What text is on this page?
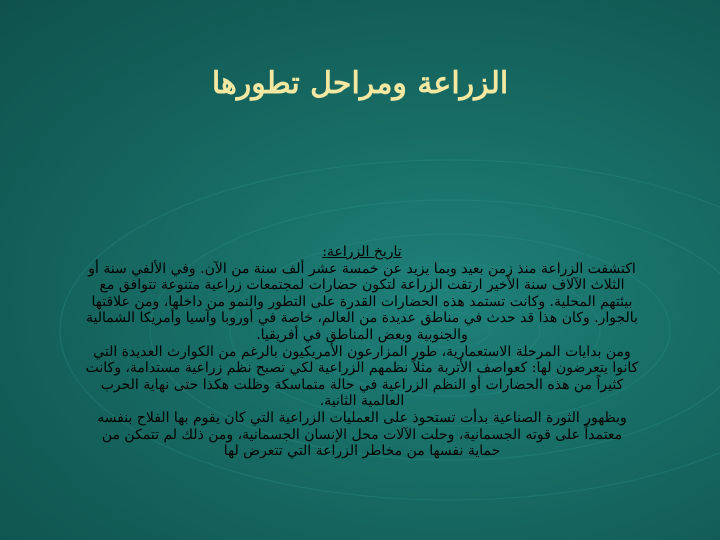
الزراعة ومراحل تطورها
تاريخ الزراعة:
اكتشفت الزراعة منذ زمن بعيد وبما يزيد عن خمسة عشر ألف سنة من الآن. وفي الألفي سنة أو الثلاث الآلاف سنة الأخير ارتقت الزراعة لتكون حضارات لمجتمعات زراعية متنوعة تتوافق مع بيئتهم المحلية. وكانت تستمد هذه الحضارات القدرة على التطور والنمو من داخلها، ومن علاقتها بالجوار. وكان هذا قد حدث في مناطق عديدة من العالم، خاصة في أوروبا وآسيا وأمريكا الشمالية والجنوبية وبعض المناطق في أفريقيا.
ومن بدايات المرحلة الاستعمارية، طور المزارعون الأمريكيون بالرغم من الكوارث العديدة التي كانوا يتعرضون لها: كعواصف الأتربة مثلاً نظمهم الزراعية لكي تصبح نظم زراعية مستدامة، وكانت كثيراً من هذه الحضارات أو النظم الزراعية في حالة متماسكة وظلت هكذا حتى نهاية الحرب العالمية الثانية.
وبظهور الثورة الصناعية بدأت تستحوذ على العمليات الزراعية التي كان يقوم بها الفلاح بنفسه معتمداً على قوته الجسمانية، وحلت الآلات محل الإنسان الجسمانية، ومن ذلك لم تتمكن من حماية نفسها من مخاطر الزراعة التي تتعرض لها
